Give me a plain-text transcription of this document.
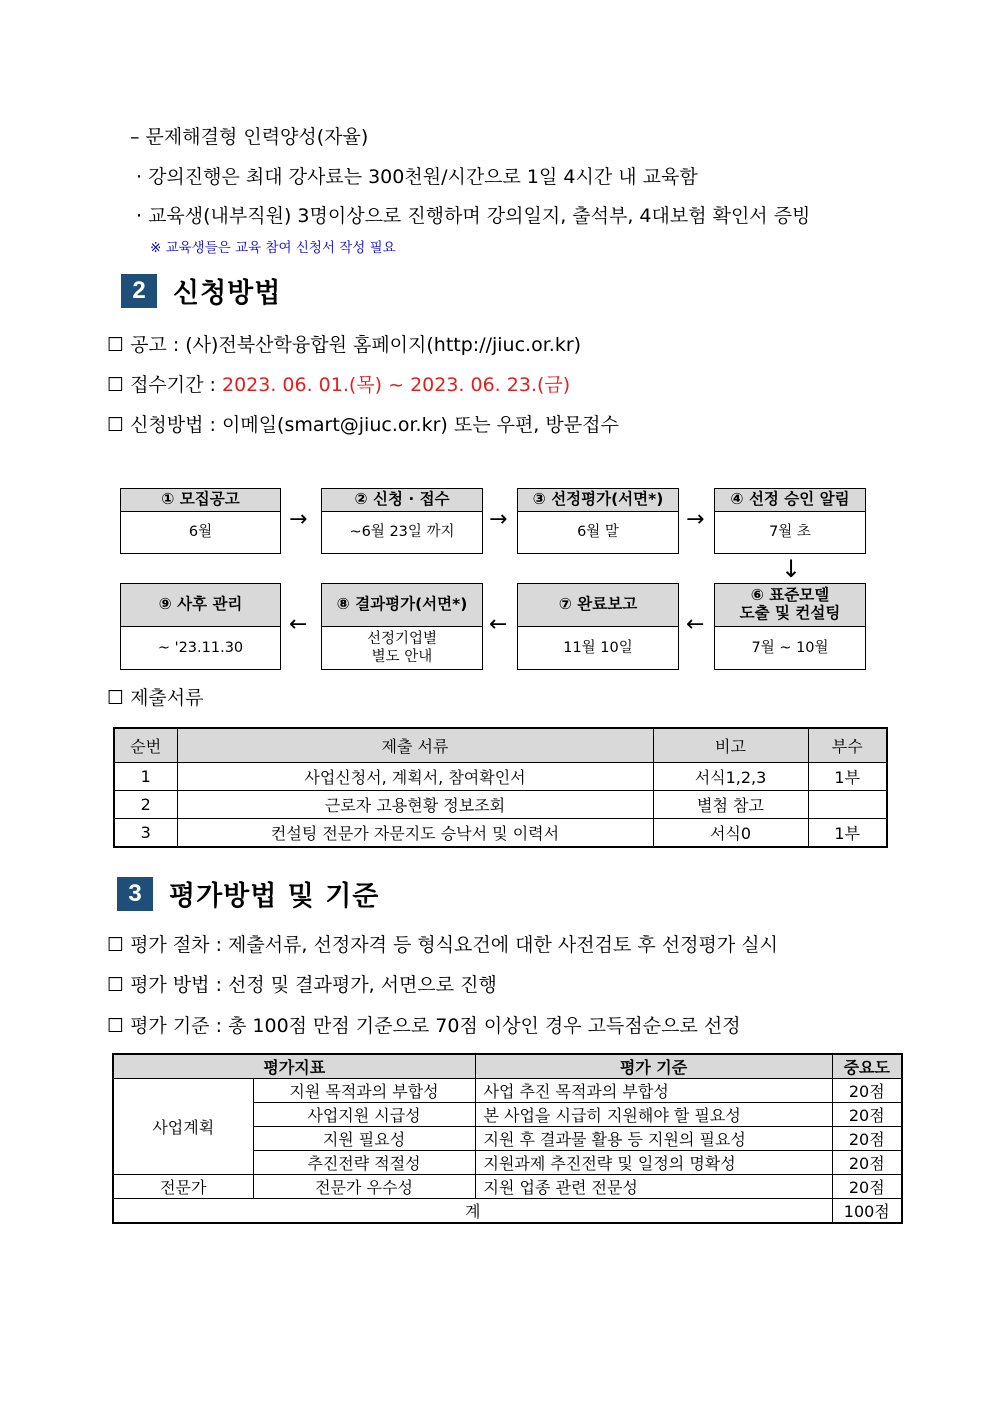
– 문제해결형 인력양성(자율)
· 강의진행은 최대 강사료는 300천원/시간으로 1일 4시간 내 교육함
· 교육생(내부직원) 3명이상으로 진행하며 강의일지, 출석부, 4대보험 확인서 증빙
※ 교육생들은 교육 참여 신청서 작성 필요
2	신청방법
☐ 공고 : (사)전북산학융합원 홈페이지(http://jiuc.or.kr)
☐ 접수기간 : 2023. 06. 01.(목) ~ 2023. 06. 23.(금)
☐ 신청방법 : 이메일(smart@jiuc.or.kr) 또는 우편, 방문접수
① 모집공고
6월
→
② 신청 · 접수
~6월 23일 까지
→
③ 선정평가(서면*)
6월 말
→
④ 선정 승인 알림
7월 초
↓
⑨ 사후 관리
~ '23.11.30
←
⑧ 결과평가(서면*)
선정기업별
별도 안내
←
⑦ 완료보고
11월 10일
←
⑥ 표준모델
도출 및 컨설팅
7월 ~ 10월
☐ 제출서류
순번	제출 서류	비고	부수
1	사업신청서, 계획서, 참여확인서	서식1,2,3	1부
2	근로자 고용현황 정보조회	별첨 참고	
3	컨설팅 전문가 자문지도 승낙서 및 이력서	서식0	1부
3	평가방법 및 기준
☐ 평가 절차 : 제출서류, 선정자격 등 형식요건에 대한 사전검토 후 선정평가 실시
☐ 평가 방법 : 선정 및 결과평가, 서면으로 진행
☐ 평가 기준 : 총 100점 만점 기준으로 70점 이상인 경우 고득점순으로 선정
평가지표		평가 기준	중요도
사업계획	지원 목적과의 부합성	사업 추진 목적과의 부합성	20점
	사업지원 시급성	본 사업을 시급히 지원해야 할 필요성	20점
	지원 필요성	지원 후 결과물 활용 등 지원의 필요성	20점
	추진전략 적절성	지원과제 추진전략 및 일정의 명확성	20점
전문가	전문가 우수성	지원 업종 관련 전문성	20점
계			100점
